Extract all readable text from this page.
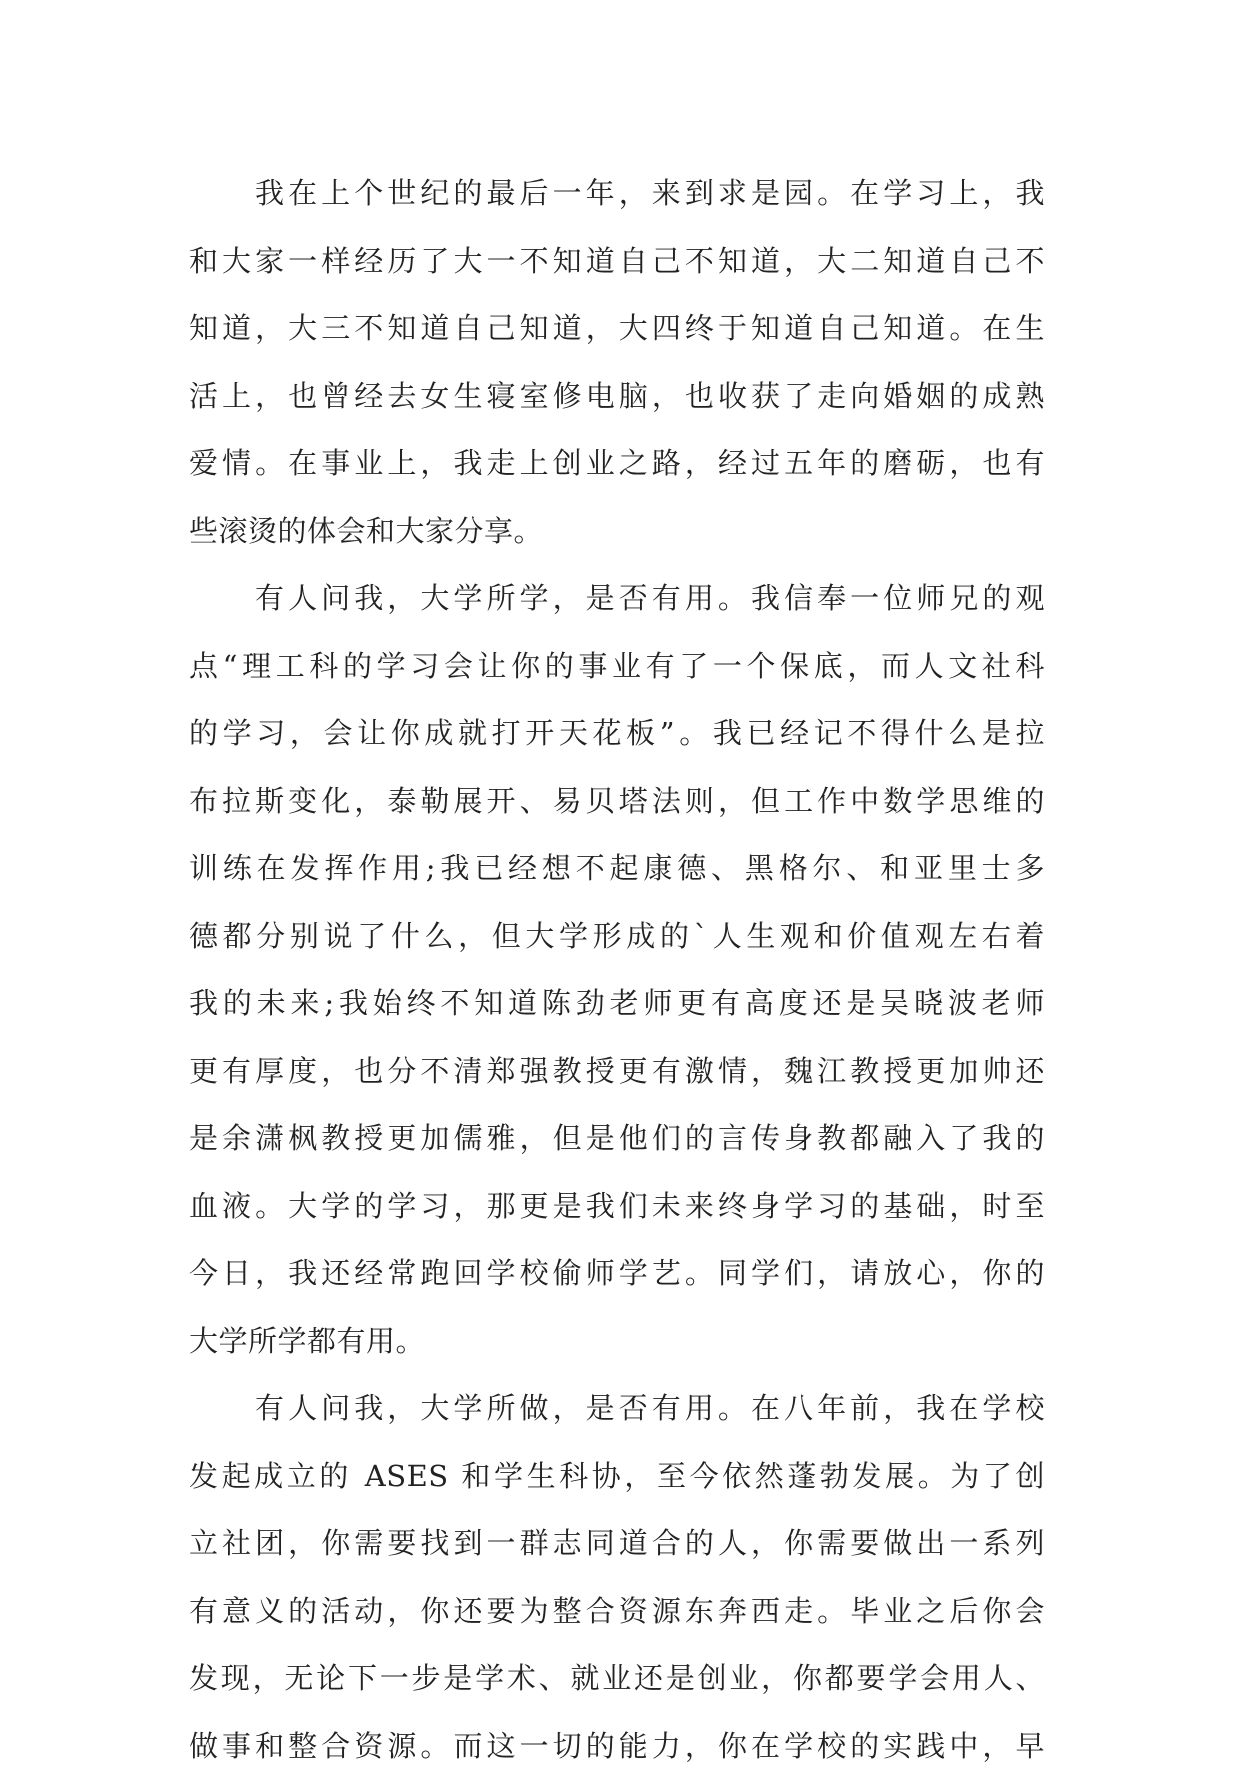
我在上个世纪的最后一年，来到求是园。在学习上，我
和大家一样经历了大一不知道自己不知道，大二知道自己不
知道，大三不知道自己知道，大四终于知道自己知道。在生
活上，也曾经去女生寝室修电脑，也收获了走向婚姻的成熟
爱情。在事业上，我走上创业之路，经过五年的磨砺，也有
些滚烫的体会和大家分享。
有人问我，大学所学，是否有用。我信奉一位师兄的观
点“理工科的学习会让你的事业有了一个保底，而人文社科
的学习，会让你成就打开天花板”。我已经记不得什么是拉
布拉斯变化，泰勒展开、易贝塔法则，但工作中数学思维的
训练在发挥作用;我已经想不起康德、黑格尔、和亚里士多
德都分别说了什么，但大学形成的`人生观和价值观左右着
我的未来;我始终不知道陈劲老师更有高度还是吴晓波老师
更有厚度，也分不清郑强教授更有激情，魏江教授更加帅还
是余潇枫教授更加儒雅，但是他们的言传身教都融入了我的
血液。大学的学习，那更是我们未来终身学习的基础，时至
今日，我还经常跑回学校偷师学艺。同学们，请放心，你的
大学所学都有用。
有人问我，大学所做，是否有用。在八年前，我在学校
发起成立的 ASES 和学生科协，至今依然蓬勃发展。为了创
立社团，你需要找到一群志同道合的人，你需要做出一系列
有意义的活动，你还要为整合资源东奔西走。毕业之后你会
发现，无论下一步是学术、就业还是创业，你都要学会用人、
做事和整合资源。而这一切的能力，你在学校的实践中，早
